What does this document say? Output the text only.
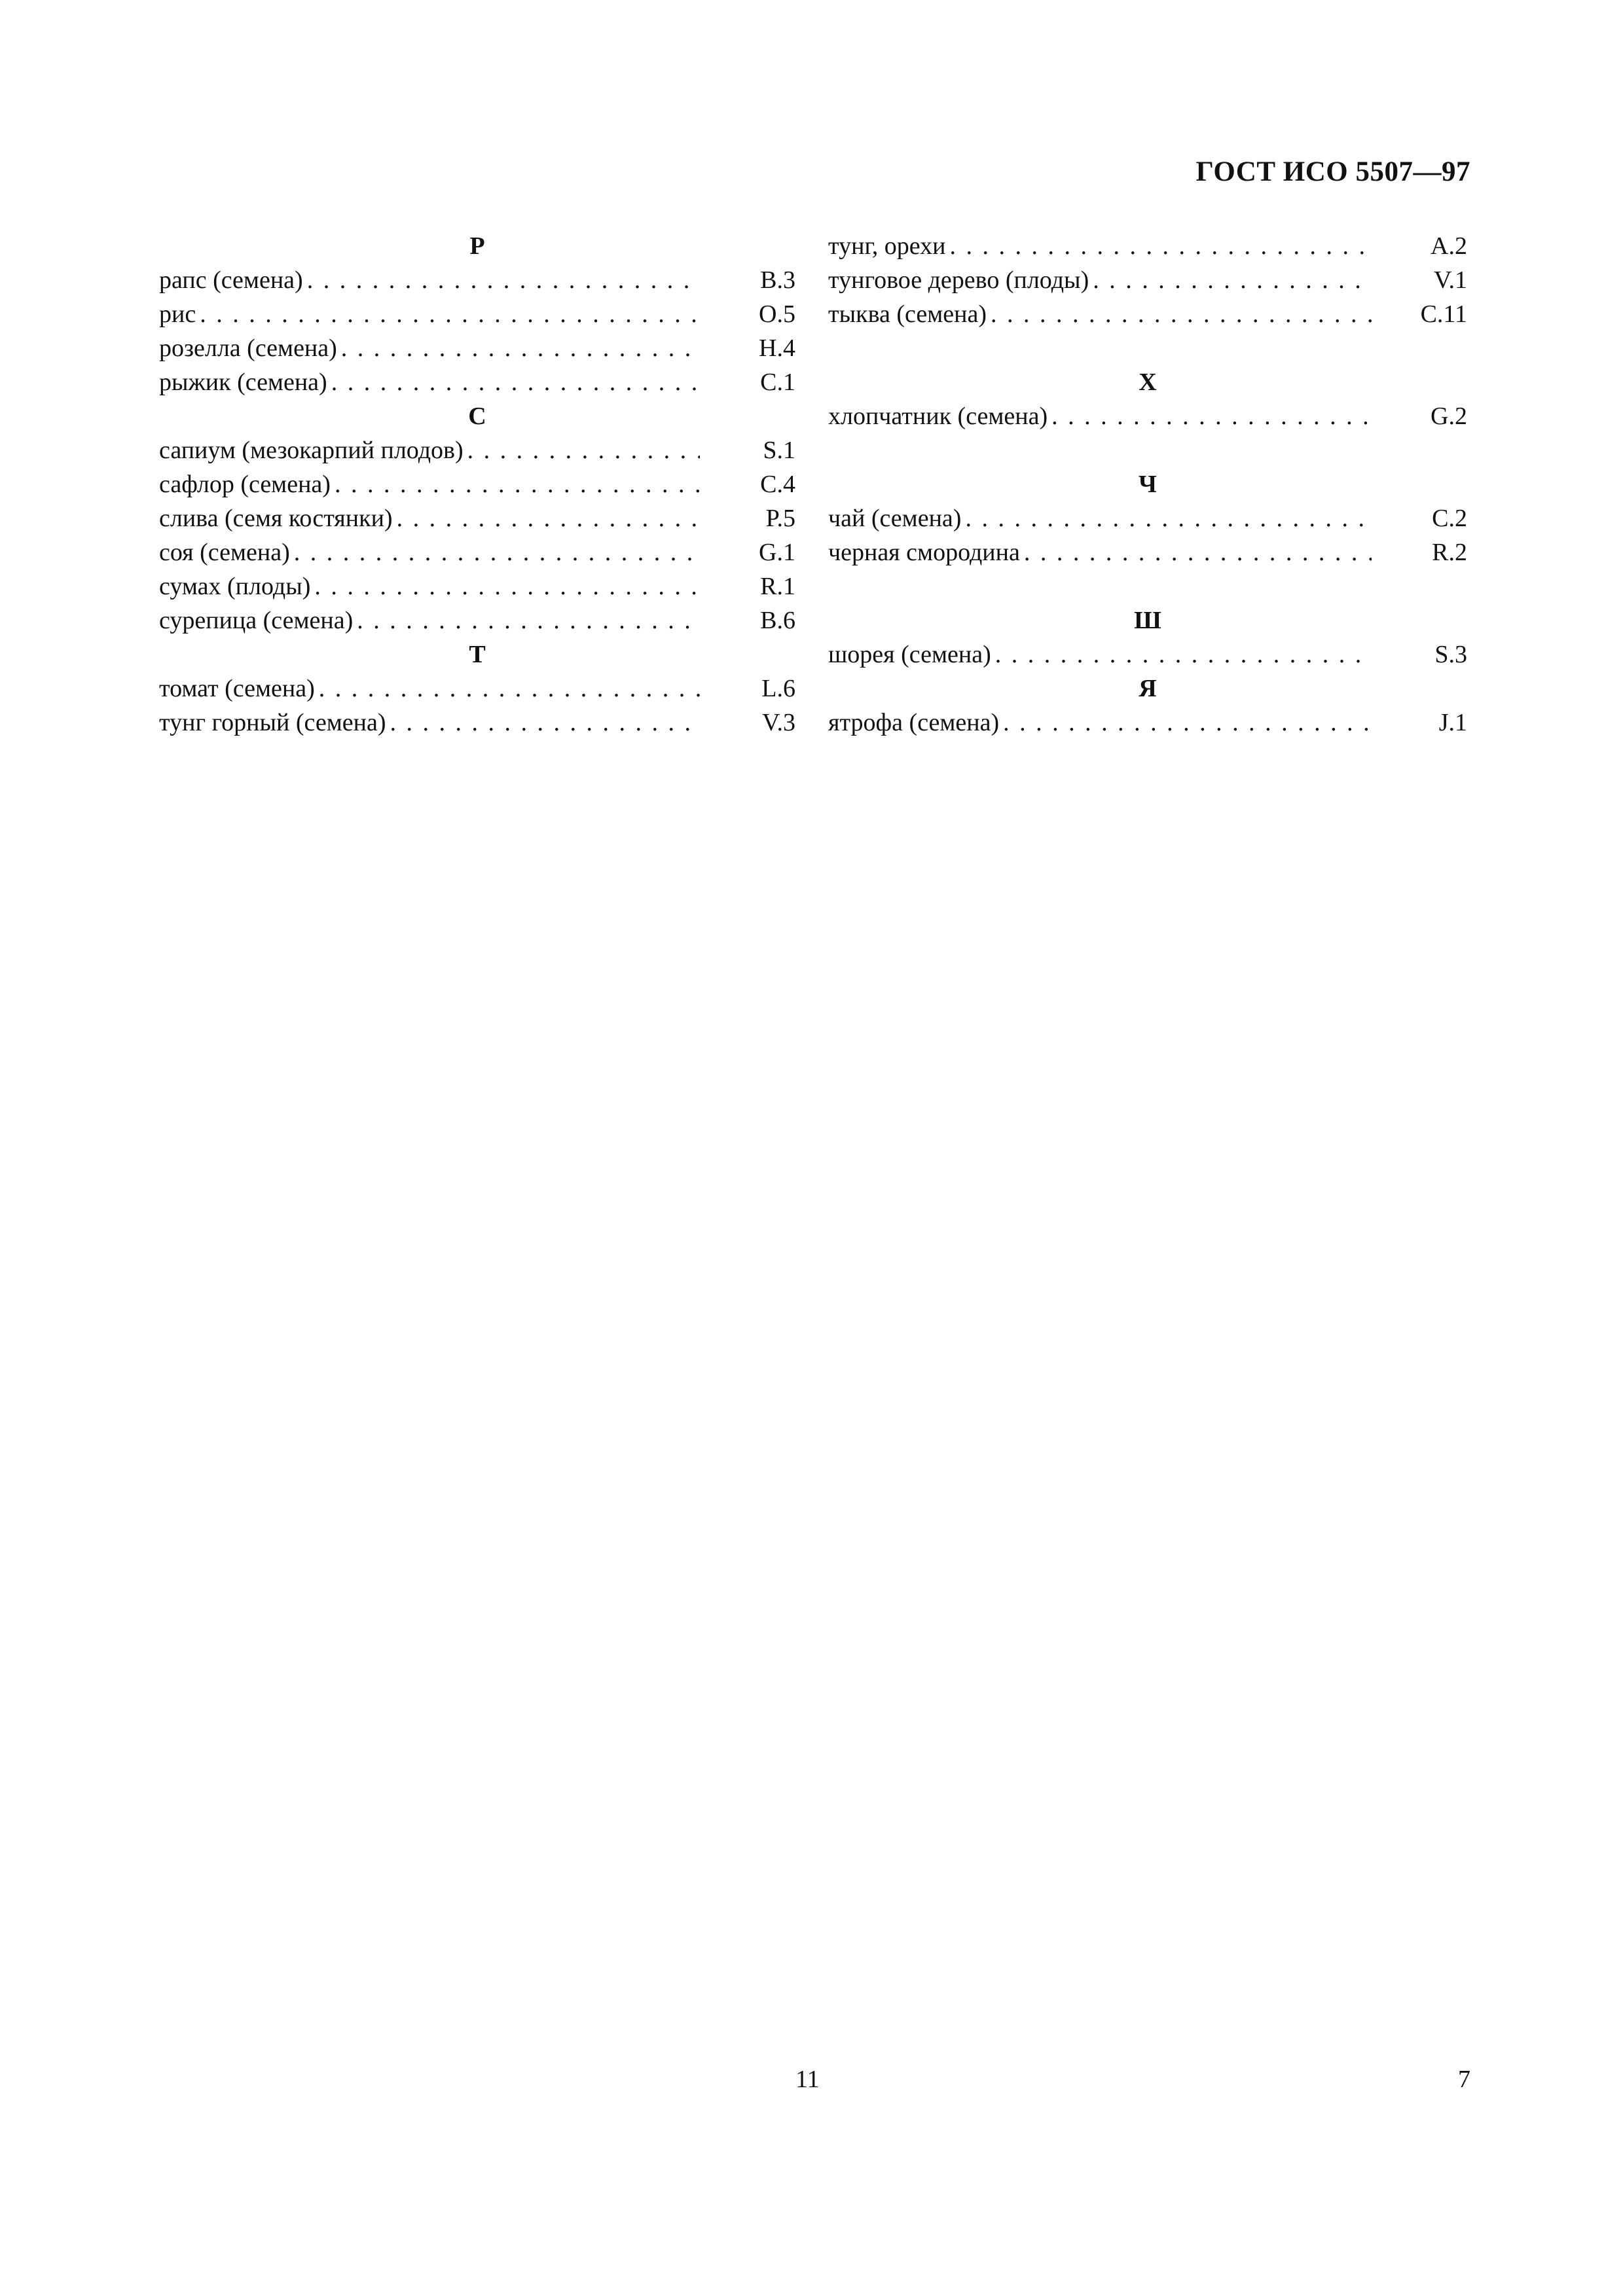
ГОСТ ИСО 5507—97
Р
рапс (семена) . . .	В.3
рис . . .	О.5
розелла (семена) . . .	Н.4
рыжик (семена) . . .	С.1
С
сапиум (мезокарпий плодов) . . .	S.1
сафлор (семена) . . .	С.4
слива (семя костянки) . . .	P.5
соя (семена) . . .	G.1
сумах (плоды) . . .	R.1
сурепица (семена) . . .	В.6
Т
томат (семена) . . .	L.6
тунг горный (семена) . . .	V.3
тунг, орехи . . .	А.2
тунговое дерево (плоды) . . .	V.1
тыква (семена) . . .	С.11
Х
хлопчатник (семена) . . .	G.2
Ч
чай (семена) . . .	С.2
черная смородина . . .	R.2
Ш
шорея (семена) . . .	S.3
Я
ятрофа (семена) . . .	J.1
11	7
